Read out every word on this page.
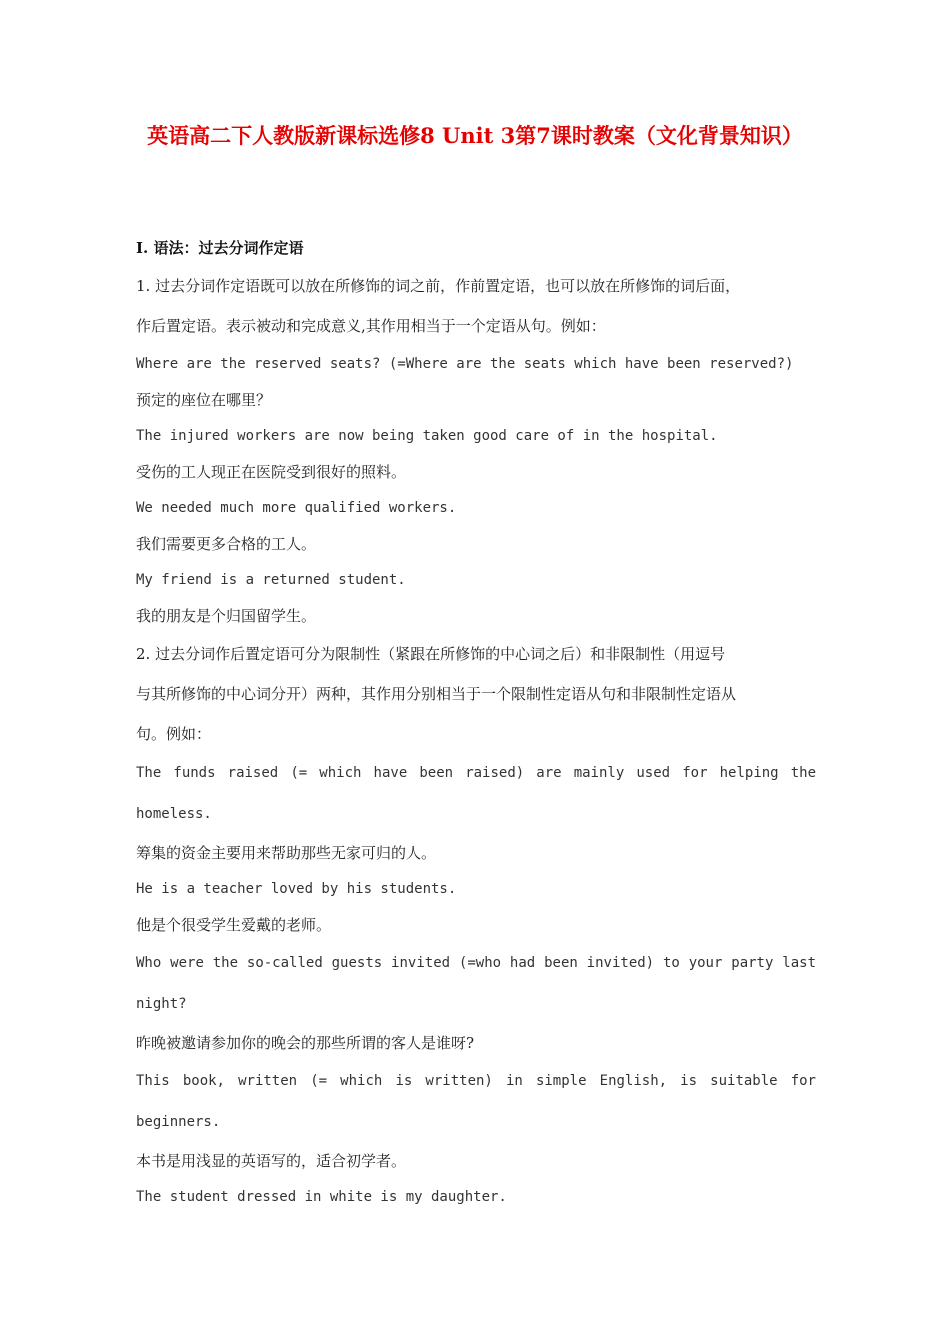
英语高二下人教版新课标选修8 Unit 3第7课时教案（文化背景知识）
I. 语法：过去分词作定语
1. 过去分词作定语既可以放在所修饰的词之前，作前置定语，也可以放在所修饰的词后面，
作后置定语。表示被动和完成意义,其作用相当于一个定语从句。例如：
Where are the reserved seats? (=Where are the seats which have been reserved?)
预定的座位在哪里？
The injured workers are now being taken good care of in the hospital.
受伤的工人现正在医院受到很好的照料。
We needed much more qualified workers.
我们需要更多合格的工人。
My friend is a returned student.
我的朋友是个归国留学生。
2. 过去分词作后置定语可分为限制性（紧跟在所修饰的中心词之后）和非限制性（用逗号
与其所修饰的中心词分开）两种，其作用分别相当于一个限制性定语从句和非限制性定语从
句。例如：
The funds raised (= which have been raised) are mainly used for helping the homeless.
筹集的资金主要用来帮助那些无家可归的人。
He is a teacher loved by his students.
他是个很受学生爱戴的老师。
Who were the so-called guests invited (=who had been invited) to your party last night?
昨晚被邀请参加你的晚会的那些所谓的客人是谁呀?
This book, written (= which is written) in simple English, is suitable for beginners.
本书是用浅显的英语写的，适合初学者。
The student dressed in white is my daughter.
